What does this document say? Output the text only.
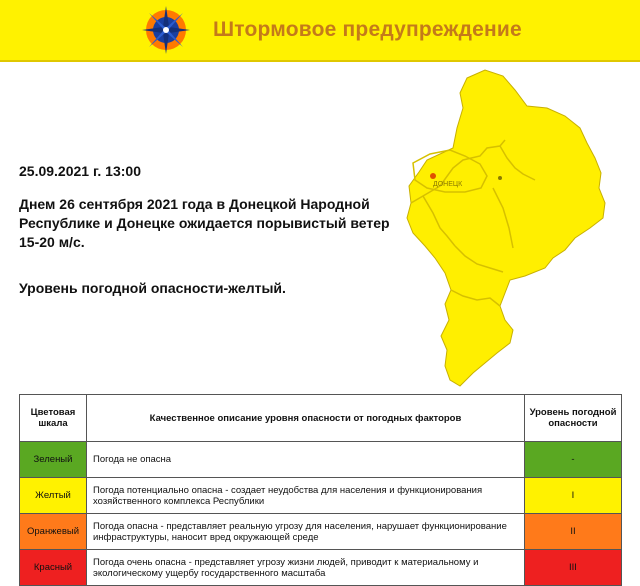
Штормовое предупреждение
25.09.2021 г. 13:00
Днем 26 сентября 2021 года в Донецкой Народной Республике и Донецке ожидается порывистый ветер 15-20 м/с.
Уровень погодной опасности-желтый.
ДОНЕЦК
Цветовая шкала	Качественное описание уровня опасности от погодных факторов	Уровень погодной опасности
Зеленый	Погода не опасна	-
Желтый	Погода потенциально опасна - создает неудобства для населения и функционирования хозяйственного комплекса Республики	I
Оранжевый	Погода опасна - представляет реальную угрозу для населения, нарушает функционирование инфраструктуры, наносит вред окружающей среде	II
Красный	Погода очень опасна - представляет угрозу жизни людей, приводит к материальному и экологическому ущербу государственного масштаба	III
